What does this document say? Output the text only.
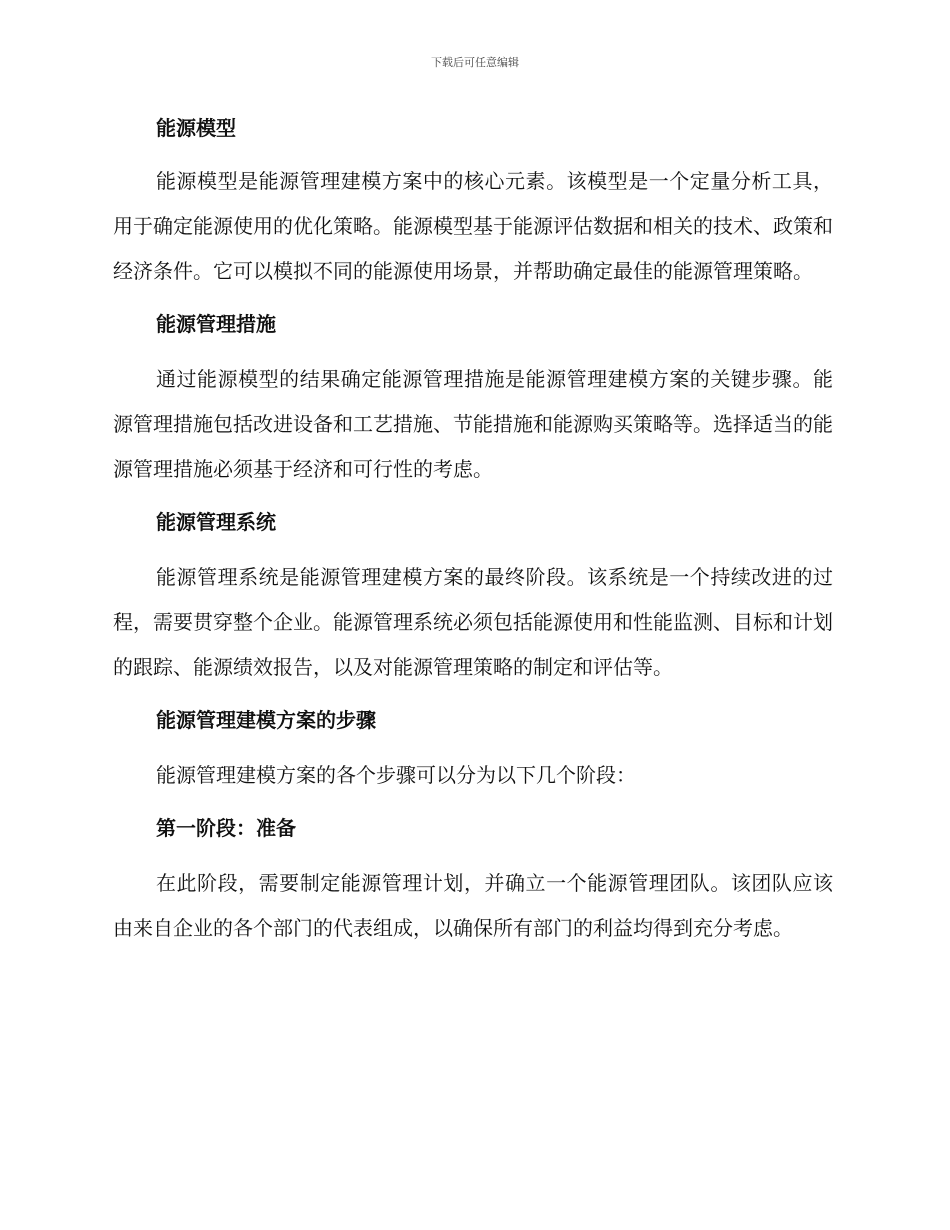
下载后可任意编辑

能源模型

能源模型是能源管理建模方案中的核心元素。该模型是一个定量分析工具，用于确定能源使用的优化策略。能源模型基于能源评估数据和相关的技术、政策和经济条件。它可以模拟不同的能源使用场景，并帮助确定最佳的能源管理策略。

能源管理措施

通过能源模型的结果确定能源管理措施是能源管理建模方案的关键步骤。能源管理措施包括改进设备和工艺措施、节能措施和能源购买策略等。选择适当的能源管理措施必须基于经济和可行性的考虑。

能源管理系统

能源管理系统是能源管理建模方案的最终阶段。该系统是一个持续改进的过程，需要贯穿整个企业。能源管理系统必须包括能源使用和性能监测、目标和计划的跟踪、能源绩效报告，以及对能源管理策略的制定和评估等。

能源管理建模方案的步骤

能源管理建模方案的各个步骤可以分为以下几个阶段：

第一阶段：准备

在此阶段，需要制定能源管理计划，并确立一个能源管理团队。该团队应该由来自企业的各个部门的代表组成，以确保所有部门的利益均得到充分考虑。
